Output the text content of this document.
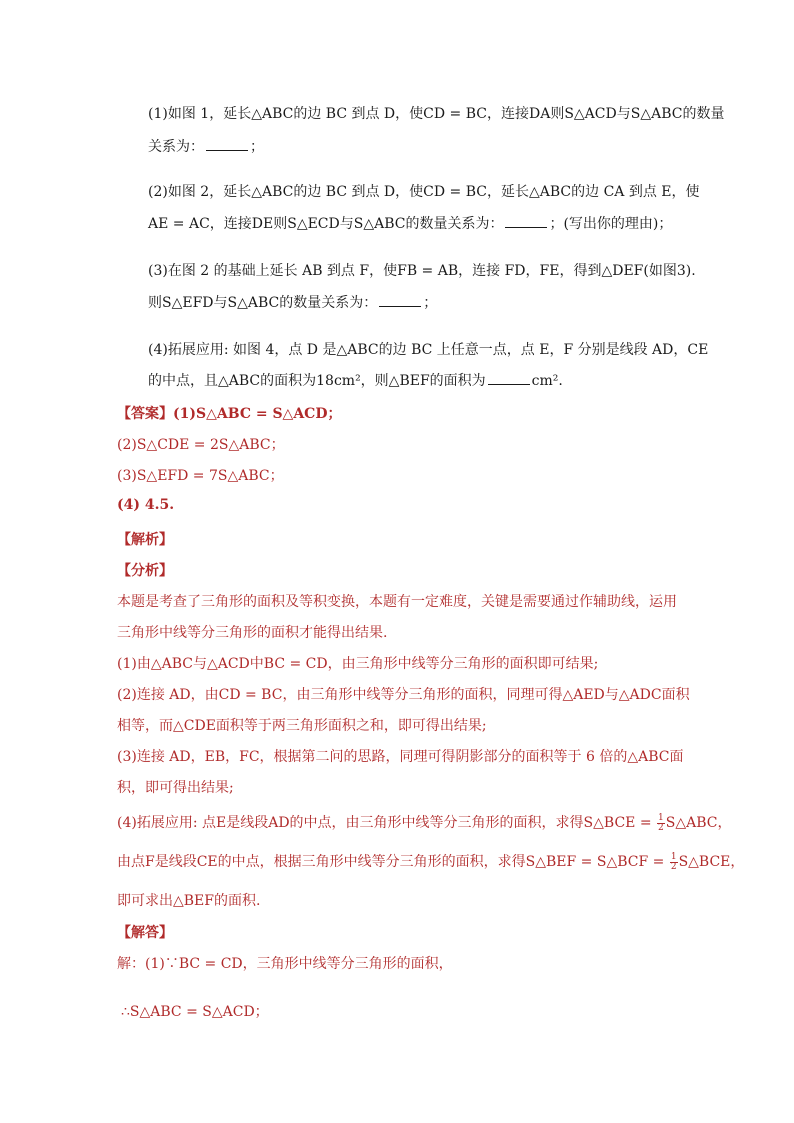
(1)如图 1，延长△ABC的边 BC 到点 D，使CD = BC，连接DA则S△ACD与S△ABC的数量
关系为：	；
(2)如图 2，延长△ABC的边 BC 到点 D，使CD = BC，延长△ABC的边 CA 到点 E，使
AE = AC，连接DE则S△ECD与S△ABC的数量关系为：	；(写出你的理由)；
(3)在图 2 的基础上延长 AB 到点 F，使FB = AB，连接 FD，FE，得到△DEF(如图3).
则S△EFD与S△ABC的数量关系为：	；
(4)拓展应用: 如图 4，点 D 是△ABC的边 BC 上任意一点，点 E，F 分别是线段 AD，CE
的中点，且△ABC的面积为18cm²，则△BEF的面积为	cm².
【答案】(1)S△ABC = S△ACD；
(2)S△CDE = 2S△ABC；
(3)S△EFD = 7S△ABC；
(4) 4.5.
【解析】
【分析】
本题是考查了三角形的面积及等积变换，本题有一定难度，关键是需要通过作辅助线，运用
三角形中线等分三角形的面积才能得出结果.
(1)由△ABC与△ACD中BC = CD，由三角形中线等分三角形的面积即可结果;
(2)连接 AD，由CD = BC，由三角形中线等分三角形的面积，同理可得△AED与△ADC面积
相等，而△CDE面积等于两三角形面积之和，即可得出结果;
(3)连接 AD，EB，FC，根据第二问的思路，同理可得阴影部分的面积等于 6 倍的△ABC面
积，即可得出结果;
(4)拓展应用: 点E是线段AD的中点，由三角形中线等分三角形的面积，求得S△BCE = $\frac{1}{2}$ S△ABC，
由点F是线段CE的中点，根据三角形中线等分三角形的面积，求得S△BEF = S△BCF = $\frac{1}{2}$ S△BCE，
即可求出△BEF的面积.
【解答】
解：(1)∵BC = CD，三角形中线等分三角形的面积，
∴S△ABC = S△ACD；
